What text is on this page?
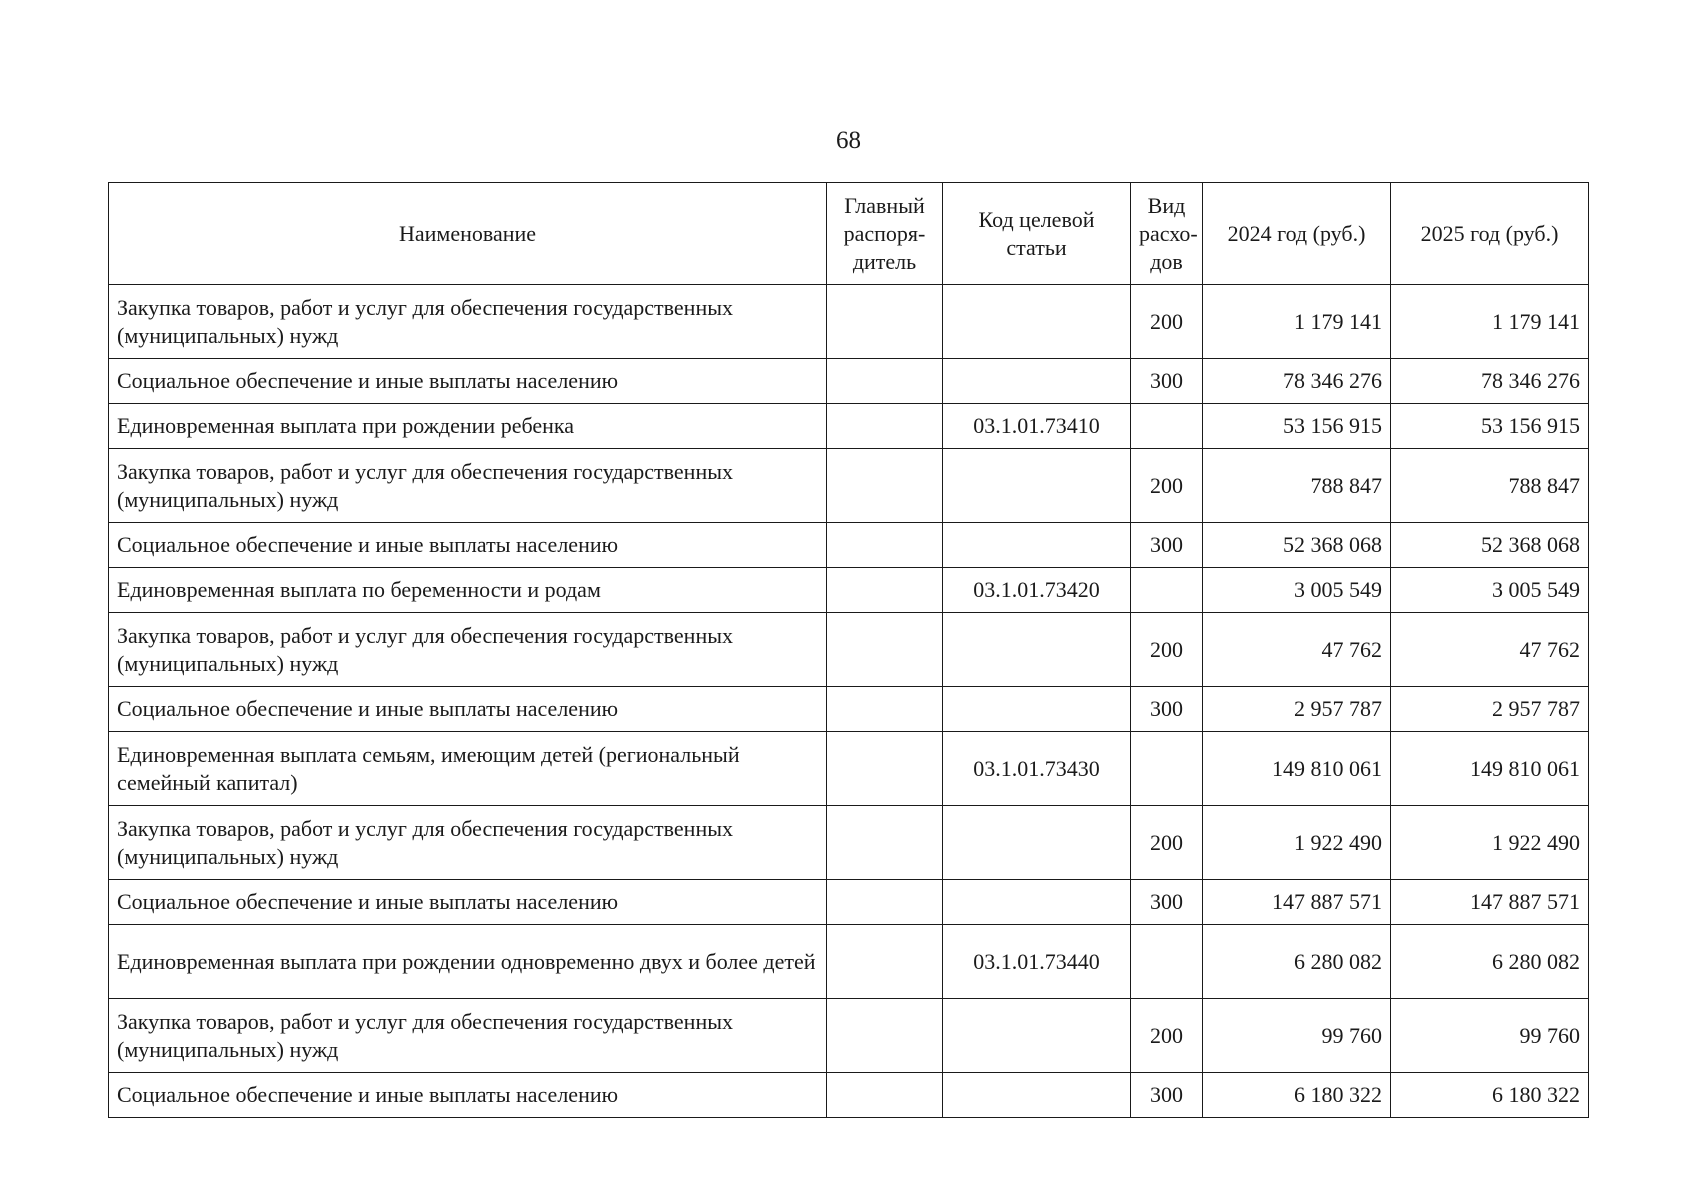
68
Наименование	Главный распоря-дитель	Код целевой статьи	Вид расхо-дов	2024 год (руб.)	2025 год (руб.)
Закупка товаров, работ и услуг для обеспечения государственных (муниципальных) нужд			200	1 179 141	1 179 141
Социальное обеспечение и иные выплаты населению			300	78 346 276	78 346 276
Единовременная выплата при рождении ребенка		03.1.01.73410		53 156 915	53 156 915
Закупка товаров, работ и услуг для обеспечения государственных (муниципальных) нужд			200	788 847	788 847
Социальное обеспечение и иные выплаты населению			300	52 368 068	52 368 068
Единовременная выплата по беременности и родам		03.1.01.73420		3 005 549	3 005 549
Закупка товаров, работ и услуг для обеспечения государственных (муниципальных) нужд			200	47 762	47 762
Социальное обеспечение и иные выплаты населению			300	2 957 787	2 957 787
Единовременная выплата семьям, имеющим детей (региональный семейный капитал)		03.1.01.73430		149 810 061	149 810 061
Закупка товаров, работ и услуг для обеспечения государственных (муниципальных) нужд			200	1 922 490	1 922 490
Социальное обеспечение и иные выплаты населению			300	147 887 571	147 887 571
Единовременная выплата при рождении одновременно двух и более детей		03.1.01.73440		6 280 082	6 280 082
Закупка товаров, работ и услуг для обеспечения государственных (муниципальных) нужд			200	99 760	99 760
Социальное обеспечение и иные выплаты населению			300	6 180 322	6 180 322
